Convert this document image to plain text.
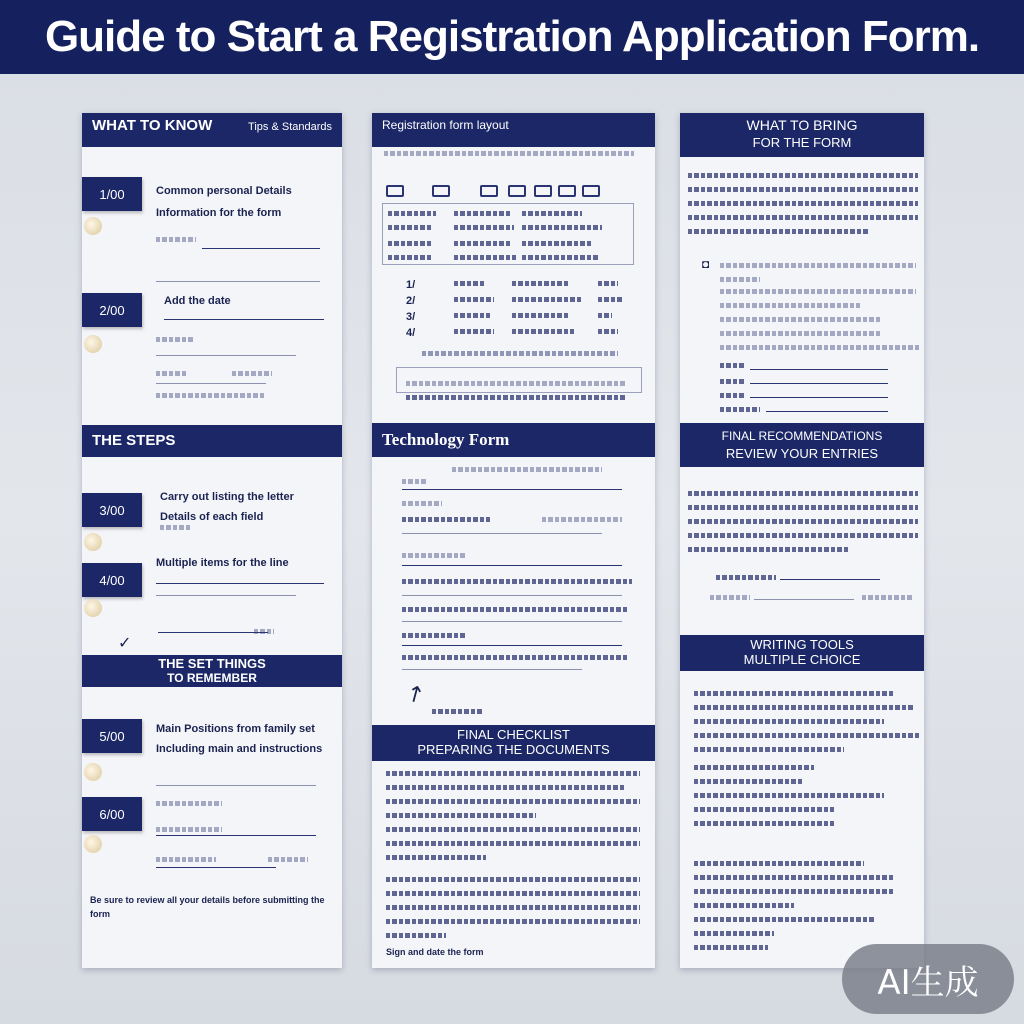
Guide to Start a Registration Application Form.
WHAT TO KNOW	Tips & Standards
1/00	Common personal Details
Information for the form
2/00
Add the date
THE STEPS
3/00
Carry out listing the letter
Details of each field
4/00
Multiple items for the line
✓
THE SET THINGS
TO REMEMBER
5/00	Main Positions from family set
Including main and instructions
6/00
Be sure to review all your details before submitting the form
Registration form layout
1/
2/
3/
4/
Technology Form
↗
FINAL CHECKLIST
PREPARING THE DOCUMENTS
Sign and date the form
WHAT TO BRING
FOR THE FORM
◘
FINAL RECOMMENDATIONS
REVIEW YOUR ENTRIES
WRITING TOOLS
MULTIPLE CHOICE
AI生成
